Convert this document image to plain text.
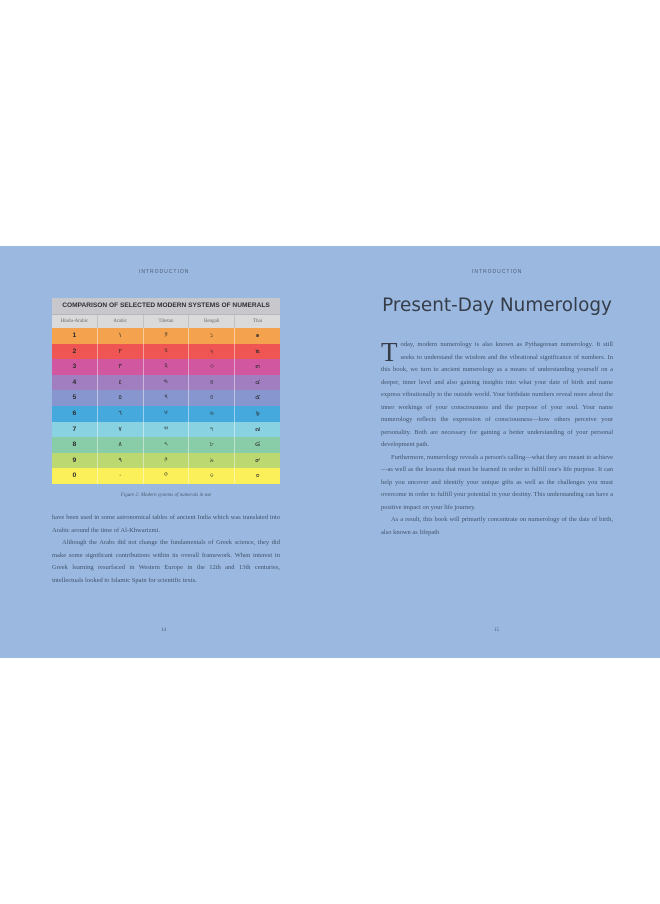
INTRODUCTION	INTRODUCTION
COMPARISON OF SELECTED MODERN SYSTEMS OF NUMERALS
Hindu-Arabic	Arabic	Tibetan	Bengali	Thai
1	١	༡	১	๑
2	٢	༢	২	๒
3	٣	༣	৩	๓
4	٤	༤	৪	๔
5	٥	༥	৫	๕
6	٦	༦	৬	๖
7	٧	༧	৭	๗
8	٨	༨	৮	๘
9	٩	༩	৯	๙
0	٠	༠	০	๐
Figure 2: Modern systems of numerals in use

have been used in some astronomical tables of ancient India which was translated into Arabic around the time of Al-Khwarizmi.

Although the Arabs did not change the fundamentals of Greek science, they did make some significant contributions within its overall framework. When interest in Greek learning resurfaced in Western Europe in the 12th and 13th centuries, intellectuals looked to Islamic Spain for scientific texts.

14
Present-Day Numerology

Today, modern numerology is also known as Pythagorean numerology. It still seeks to understand the wisdom and the vibrational significance of numbers. In this book, we turn to ancient numerology as a means of understanding yourself on a deeper, inner level and also gaining insights into what your date of birth and name express vibrationally to the outside world. Your birthdate numbers reveal more about the inner workings of your consciousness and the purpose of your soul. Your name numerology reflects the expression of consciousness—how others perceive your personality. Both are necessary for gaining a better understanding of your personal development path.

Furthermore, numerology reveals a person's calling—what they are meant to achieve—as well as the lessons that must be learned in order to fulfill one's life purpose. It can help you uncover and identify your unique gifts as well as the challenges you must overcome in order to fulfill your potential in your destiny. This understanding can have a positive impact on your life journey.

As a result, this book will primarily concentrate on numerology of the date of birth, also known as lifepath

15
